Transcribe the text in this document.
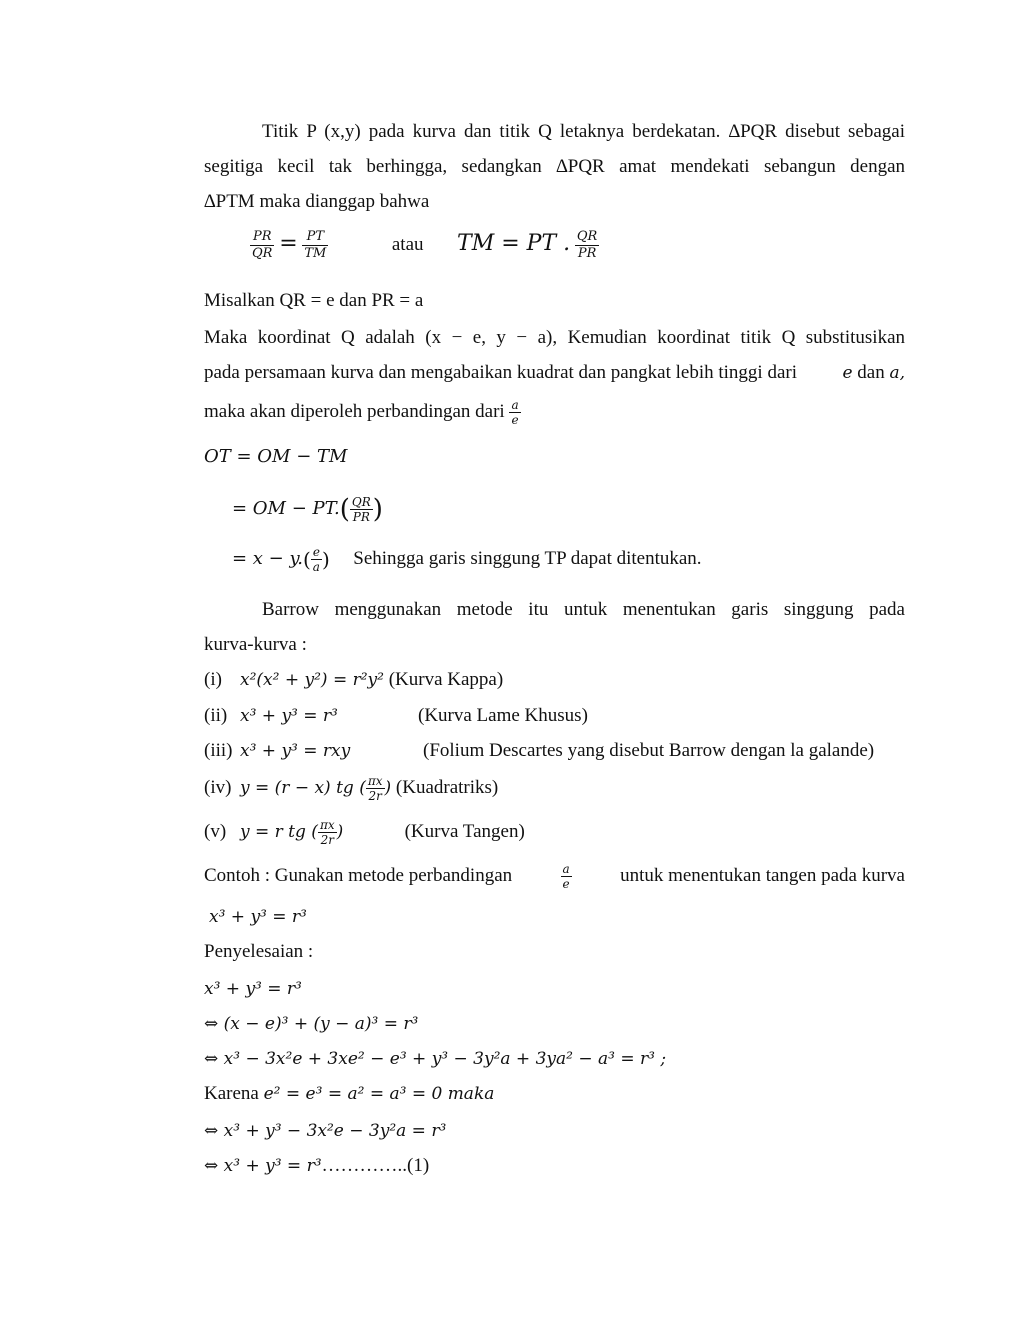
Titik P (x,y) pada kurva dan titik Q letaknya berdekatan. ∆PQR disebut sebagai
segitiga kecil tak berhingga, sedangkan ∆PQR amat mendekati sebangun dengan
∆PTM maka dianggap bahwa
$\frac{PR}{QR} = \frac{PT}{TM}$	atau TM = PT . $\frac{QR}{PR}$
Misalkan QR = e dan PR = a
Maka koordinat Q adalah (x − e, y − a), Kemudian koordinat titik Q substitusikan
pada persamaan kurva dan mengabaikan kuadrat dan pangkat lebih tinggi dari	e dan a,
maka akan diperoleh perbandingan dari $\frac{a}{e}$
OT = OM − TM
= OM − $PT.( \frac{QR}{PR}$ )
= $x - y.( \frac{e}{a}$ ) Sehingga garis singgung TP dapat ditentukan.
Barrow menggunakan metode itu untuk menentukan garis singgung pada
kurva-kurva :
(i) x²(x² + y²) = r²y² (Kurva Kappa)
(ii) x³ + y³ = r³	(Kurva Lame Khusus)
(iii) x³ + y³ = rxy	(Folium Descartes yang disebut Barrow dengan la galande)
(iv) y = (r − x) tg ( $\frac{\pi x}{2r}$ ) (Kuadratriks)
(v) y = r tg ( $\frac{\pi x}{2r}$ )	(Kurva Tangen)
Contoh : Gunakan metode perbandingan	a
e	untuk menentukan tangen pada kurva
x³ + y³ = r³
Penyelesaian :
x³ + y³ = r³
⇔ (x − e)³ + (y − a)³ = r³
⇔ x³ − 3x²e + 3xe² − e³ + y³ − 3y²a + 3ya² − a³ = r³ ;
Karena e² = e³ = a² = a³ = 0 maka
⇔ x³ + y³ − 3x²e − 3y²a = r³
⇔ x³ + y³ = r³…………..(1)
